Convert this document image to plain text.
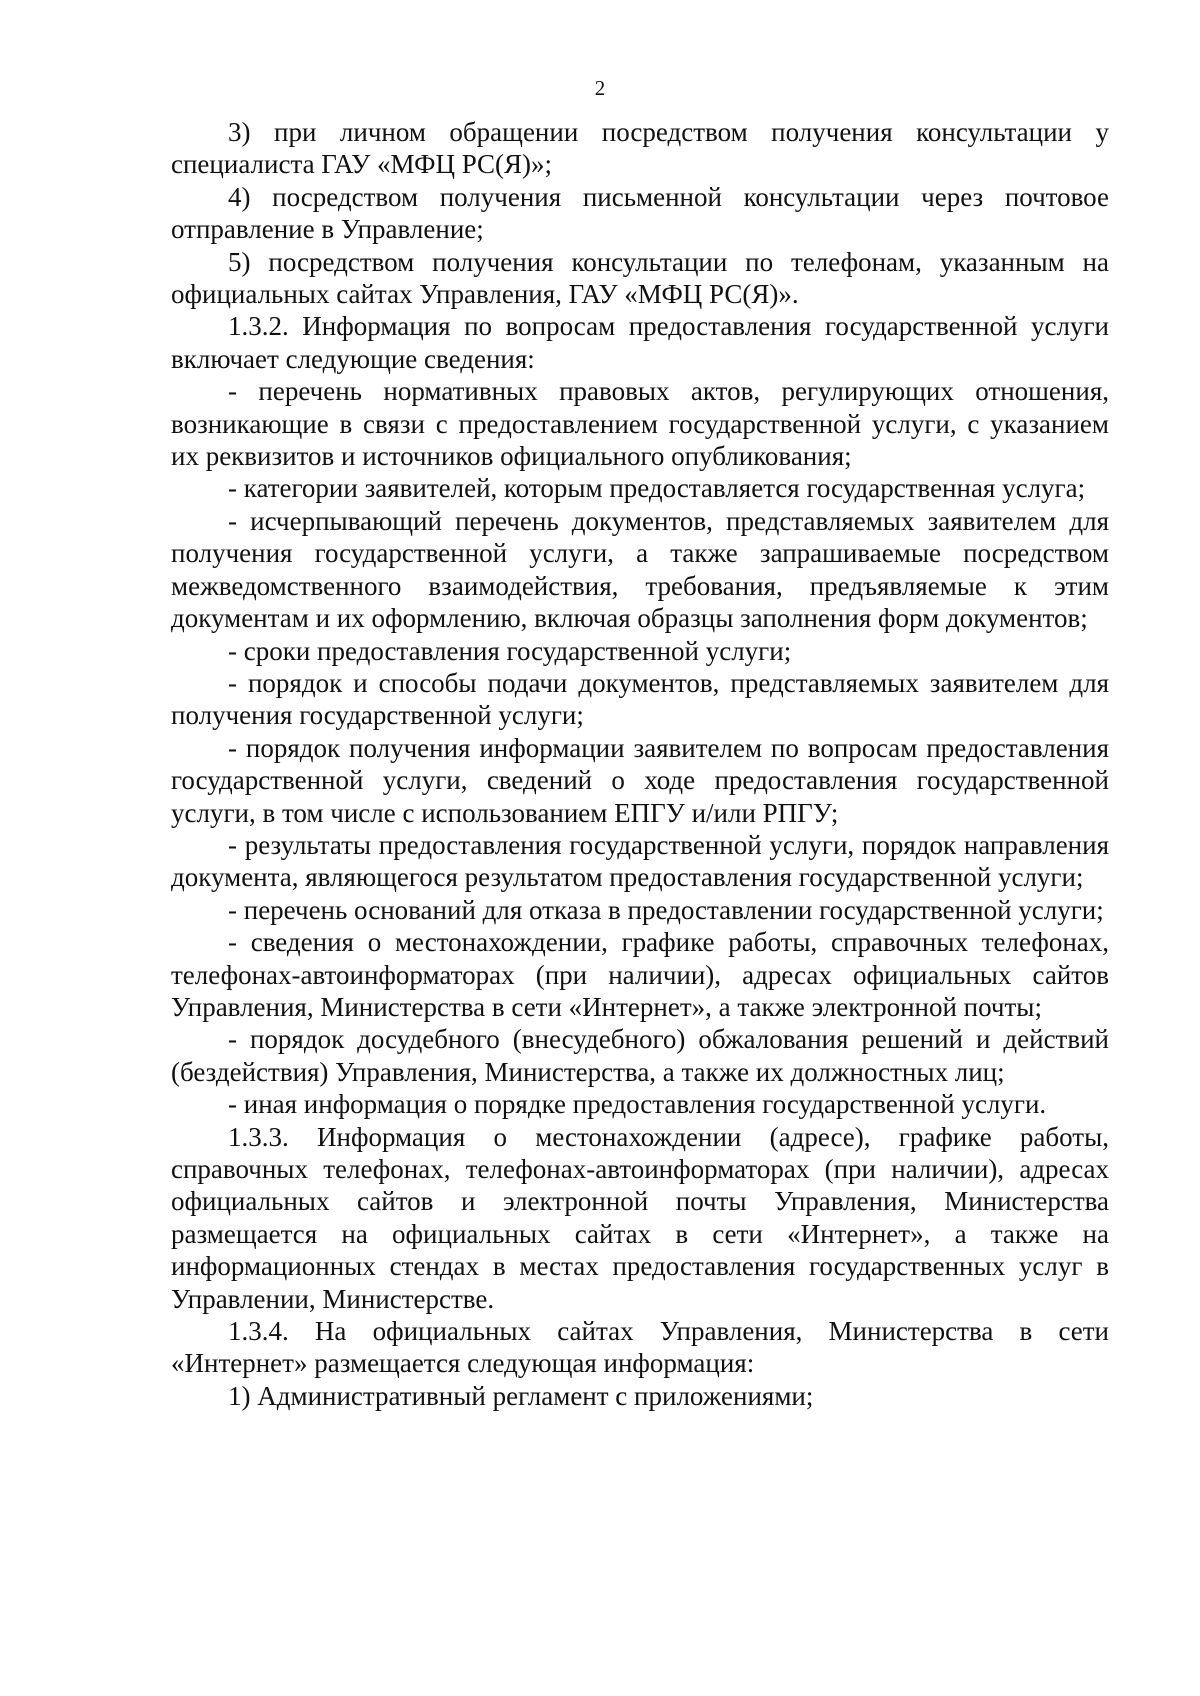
2

3) при личном обращении посредством получения консультации у специалиста ГАУ «МФЦ РС(Я)»;

4) посредством получения письменной консультации через почтовое отправление в Управление;

5) посредством получения консультации по телефонам, указанным на официальных сайтах Управления, ГАУ «МФЦ РС(Я)».

1.3.2. Информация по вопросам предоставления государственной услуги включает следующие сведения:

- перечень нормативных правовых актов, регулирующих отношения, возникающие в связи с предоставлением государственной услуги, с указанием их реквизитов и источников официального опубликования;

- категории заявителей, которым предоставляется государственная услуга;

- исчерпывающий перечень документов, представляемых заявителем для получения государственной услуги, а также запрашиваемые посредством межведомственного взаимодействия, требования, предъявляемые к этим документам и их оформлению, включая образцы заполнения форм документов;

- сроки предоставления государственной услуги;

- порядок и способы подачи документов, представляемых заявителем для получения государственной услуги;

- порядок получения информации заявителем по вопросам предоставления государственной услуги, сведений о ходе предоставления государственной услуги, в том числе с использованием ЕПГУ и/или РПГУ;

- результаты предоставления государственной услуги, порядок направления документа, являющегося результатом предоставления государственной услуги;

- перечень оснований для отказа в предоставлении государственной услуги;

- сведения о местонахождении, графике работы, справочных телефонах, телефонах-автоинформаторах (при наличии), адресах официальных сайтов Управления, Министерства в сети «Интернет», а также электронной почты;

- порядок досудебного (внесудебного) обжалования решений и действий (бездействия) Управления, Министерства, а также их должностных лиц;

- иная информация о порядке предоставления государственной услуги.

1.3.3. Информация о местонахождении (адресе), графике работы, справочных телефонах, телефонах-автоинформаторах (при наличии), адресах официальных сайтов и электронной почты Управления, Министерства размещается на официальных сайтах в сети «Интернет», а также на информационных стендах в местах предоставления государственных услуг в Управлении, Министерстве.

1.3.4. На официальных сайтах Управления, Министерства в сети «Интернет» размещается следующая информация:

1) Административный регламент с приложениями;
